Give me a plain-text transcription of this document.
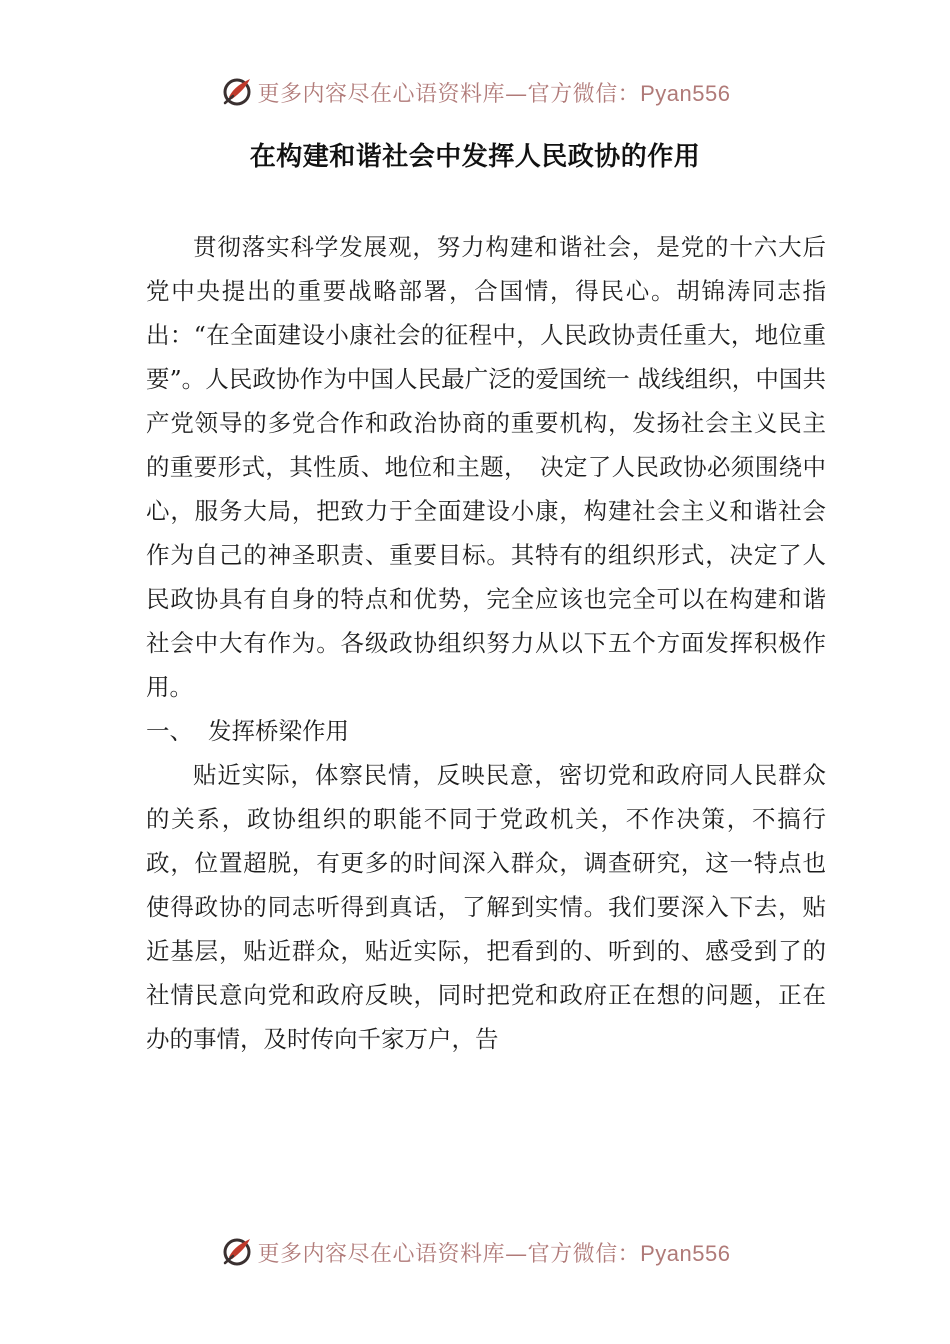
更多内容尽在心语资料库—官方微信：Pyan556
在构建和谐社会中发挥人民政协的作用

贯彻落实科学发展观，努力构建和谐社会，是党的十六大后党中央提出的重要战略部署，合国情，得民心。胡锦涛同志指出：“在全面建设小康社会的征程中，人民政协责任重大，地位重要”。人民政协作为中国人民最广泛的爱国统一 战线组织，中国共产党领导的多党合作和政治协商的重要机构，发扬社会主义民主的重要形式，其性质、地位和主题，　决定了人民政协必须围绕中心，服务大局，把致力于全面建设小康，构建社会主义和谐社会作为自己的神圣职责、重要目标。其特有的组织形式，决定了人民政协具有自身的特点和优势，完全应该也完全可以在构建和谐社会中大有作为。各级政协组织努力从以下五个方面发挥积极作用。

一、 发挥桥梁作用

贴近实际，体察民情，反映民意，密切党和政府同人民群众的关系，政协组织的职能不同于党政机关，不作决策，不搞行政，位置超脱，有更多的时间深入群众，调查研究，这一特点也使得政协的同志听得到真话，了解到实情。我们要深入下去，贴近基层，贴近群众，贴近实际，把看到的、听到的、感受到了的社情民意向党和政府反映，同时把党和政府正在想的问题，正在办的事情，及时传向千家万户，告

更多内容尽在心语资料库—官方微信：Pyan556
